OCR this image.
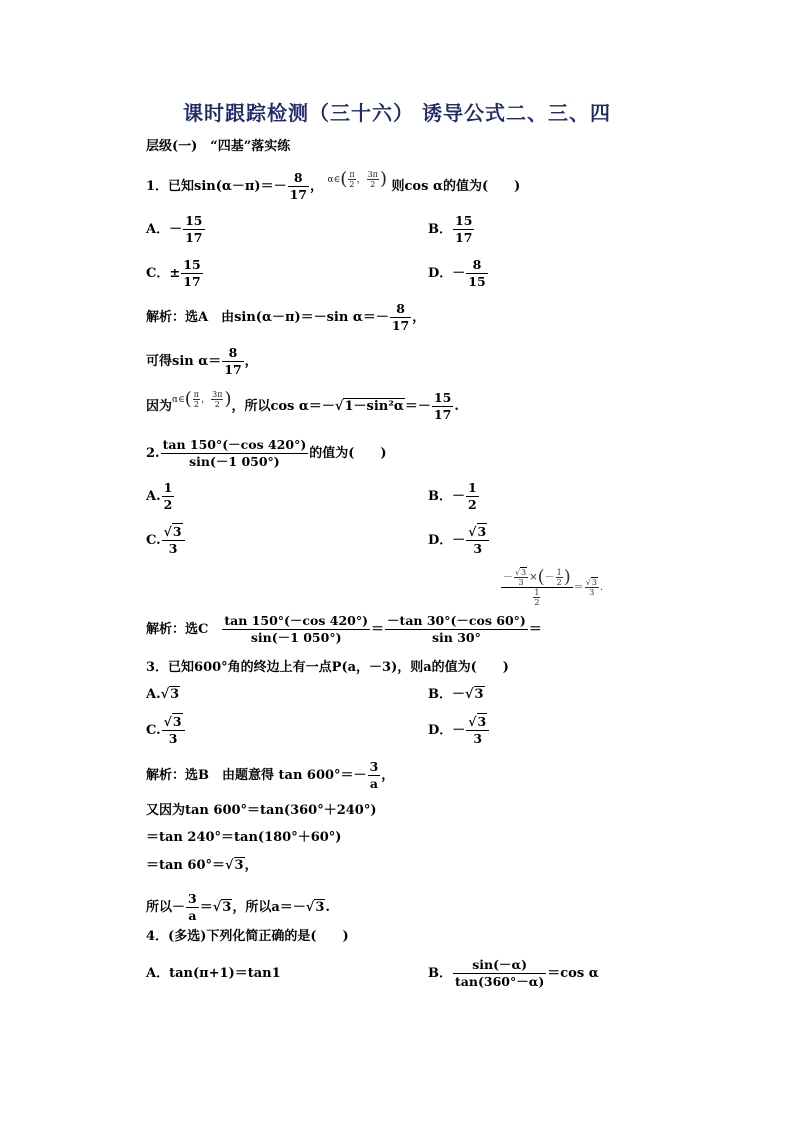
课时跟踪检测（三十六） 诱导公式二、三、四
层级(一)　“四基”落实练
1．已知$\sin(\alpha-\pi)=- \frac{8}{17}$ ， $^{\alpha\in( \frac{\pi}{2} , \frac{3\pi}{2} )}$ 则cos α的值为(　　)
A．－ $\frac{15}{17}$	B． $\frac{15}{17}$
C．± $\frac{15}{17}$	D．－ $\frac{8}{15}$
解析：选A　由sin(α－π)＝－sin $\alpha=- \frac{8}{17}$ ，
可得$\sin \alpha= \frac{8}{17}$ ，
因为$^{\alpha\in( \frac{\pi}{2} , \frac{3\pi}{2} )}$，所以$\cos \alpha=-√1-\sin^2\alpha=- \frac{15}{17}$ .
2. $\frac{\tan 150^\circ(-\cos 420^\circ)}{\sin(-1 050^\circ)}$ 的值为(　　)
A. $\frac{1}{2}$	B．－ $\frac{1}{2}$
C. $\frac{√3}{3}$	D．－ $\frac{√3}{3}$
$\frac{- \frac{√3}{3} \times(- \frac{1}{2} )}{\frac{1}{2}} = \frac{√3}{3}$ .
解析：选C　 $\frac{\tan 150^\circ(-\cos 420^\circ)}{\sin(-1 050^\circ)} = \frac{-\tan 30^\circ(-\cos 60^\circ)}{\sin 30^\circ}$ ＝
3．已知600°角的终边上有一点P(a，－3)，则a的值为(　　)
A.√3	B．－√3
C. $\frac{√3}{3}$	D．－ $\frac{√3}{3}$
解析：选B　由题意得 $\tan 600^\circ=- \frac{3}{a}$ ，
又因为tan 600°＝tan(360°＋240°)
＝tan 240°＝tan(180°＋60°)
＝tan 60°＝√3，
所以－ $\frac{3}{a} =√3$，所以a＝－√3.
4．(多选)下列化简正确的是(　　)
A．tan(π+1)＝tan1	B． $\frac{\sin(-\alpha)}{\tan(360^\circ-\alpha)} =\cos$ α
